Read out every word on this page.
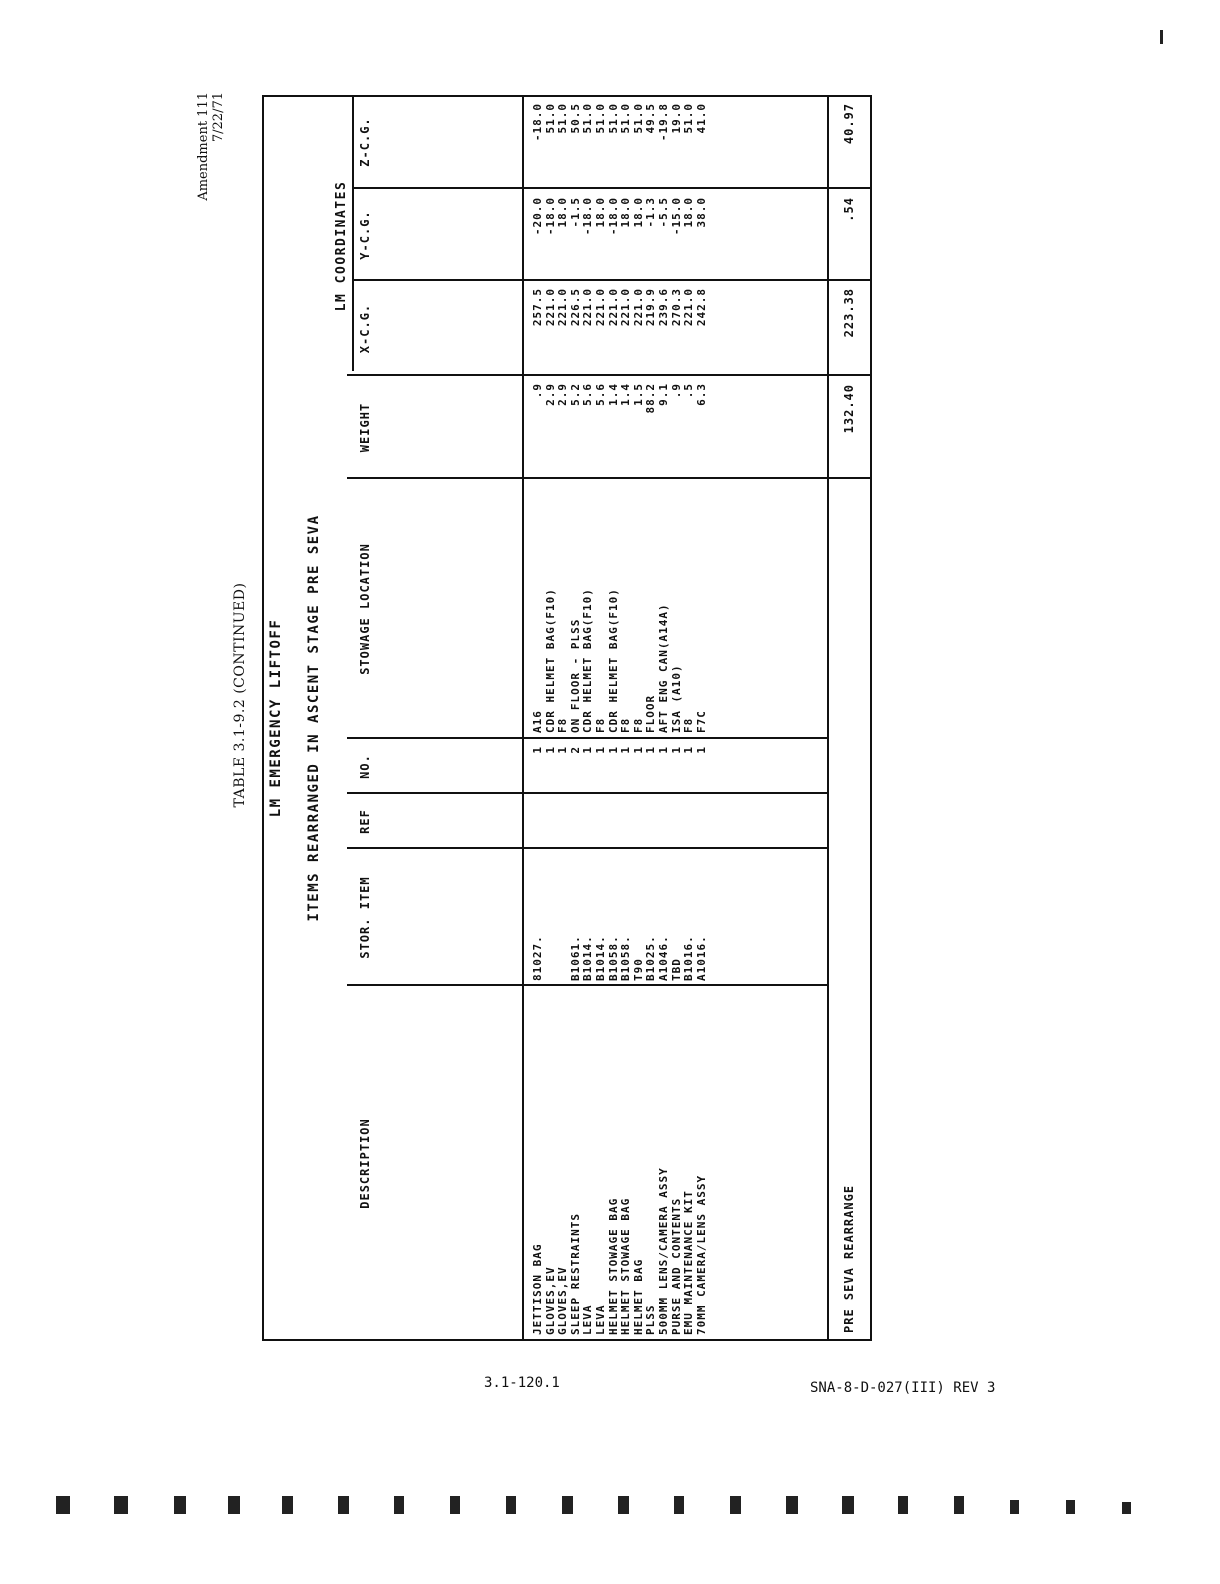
Amendment 111 7/22/71
TABLE 3.1-9.2 (CONTINUED)	LM EMERGENCY LIFTOFF ITEMS REARRANGED IN ASCENT STAGE PRE SEVA
LM COORDINATES
DESCRIPTION
STOR. ITEM
REF
NO.
STOWAGE LOCATION
WEIGHT
X-C.G.
Y-C.G.
Z-C.G.
JETTISON BAG
81027.
1
A16
.9
257.5
-20.0
-18.0
GLOVES,EV
1
CDR HELMET BAG(F10)
2.9
221.0
-18.0
51.0
GLOVES,EV
1
F8
2.9
221.0
18.0
51.0
SLEEP RESTRAINTS
B1061.
2
ON FLOOR - PLSS
5.2
226.5
-1.5
50.5
LEVA
B1014.
1
CDR HELMET BAG(F10)
5.6
221.0
-18.0
51.0
LEVA
B1014.
1
F8
5.6
221.0
18.0
51.0
HELMET STOWAGE BAG
B1058.
1
CDR HELMET BAG(F10)
1.4
221.0
-18.0
51.0
HELMET STOWAGE BAG
B1058.
1
F8
1.4
221.0
18.0
51.0
HELMET BAG
T90
1
F8
1.5
221.0
18.0
51.0
PLSS
B1025.
1
FLOOR
88.2
219.9
-1.3
49.5
500MM LENS/CAMERA ASSY
A1046.
1
AFT ENG CAN(A14A)
9.1
239.6
-5.5
-19.8
PURSE AND CONTENTS
TBD
1
ISA (A10)
.9
270.3
-15.0
19.0
EMU MAINTENANCE KIT
B1016.
1
F8
.5
221.0
18.0
51.0
70MM CAMERA/LENS ASSY
A1016.
1
F7C
6.3
242.8
38.0
41.0
PRE SEVA REARRANGE
132.40
223.38
.54
40.97
3.1-120.1	SNA-8-D-027(III) REV 3
